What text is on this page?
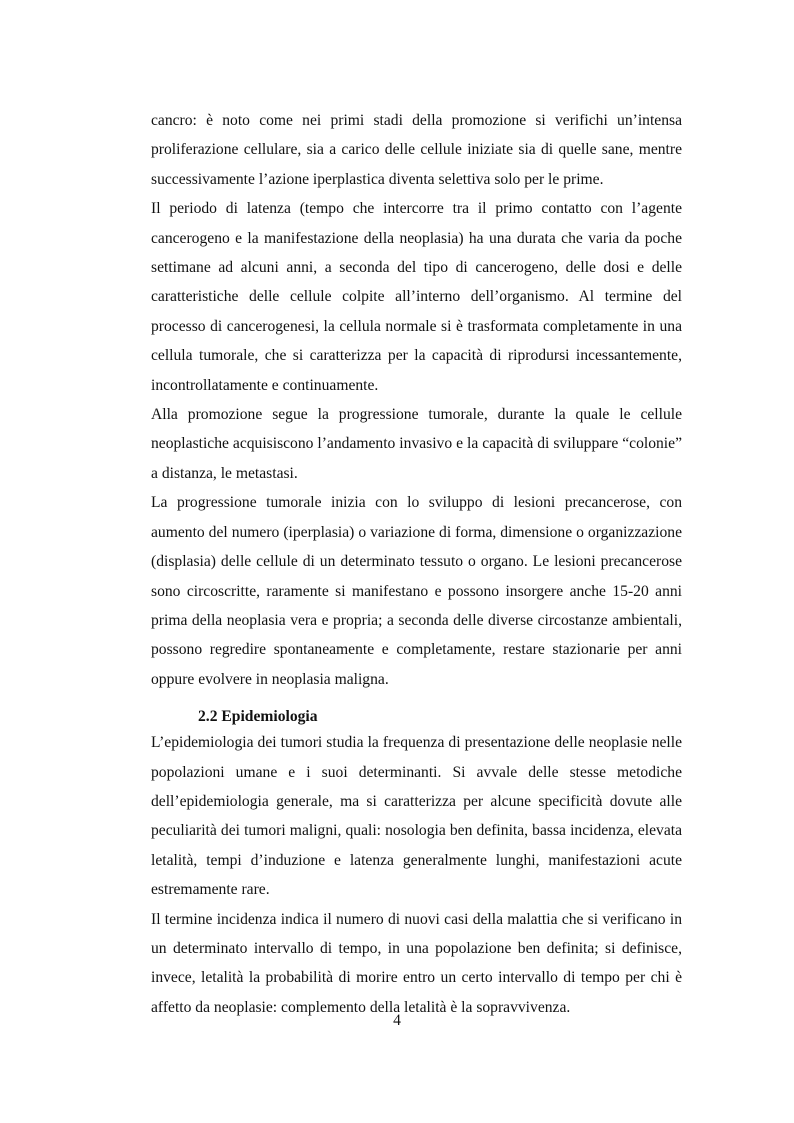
cancro: è noto come nei primi stadi della promozione si verifichi un’intensa proliferazione cellulare, sia a carico delle cellule iniziate sia di quelle sane, mentre successivamente l’azione iperplastica diventa selettiva solo per le prime.

Il periodo di latenza (tempo che intercorre tra il primo contatto con l’agente cancerogeno e la manifestazione della neoplasia) ha una durata che varia da poche settimane ad alcuni anni, a seconda del tipo di cancerogeno, delle dosi e delle caratteristiche delle cellule colpite all’interno dell’organismo. Al termine del processo di cancerogenesi, la cellula normale si è trasformata completamente in una cellula tumorale, che si caratterizza per la capacità di riprodursi incessantemente, incontrollatamente e continuamente.

Alla promozione segue la progressione tumorale, durante la quale le cellule neoplastiche acquisiscono l’andamento invasivo e la capacità di sviluppare “colonie” a distanza, le metastasi.

La progressione tumorale inizia con lo sviluppo di lesioni precancerose, con aumento del numero (iperplasia) o variazione di forma, dimensione o organizzazione (displasia) delle cellule di un determinato tessuto o organo. Le lesioni precancerose sono circoscritte, raramente si manifestano e possono insorgere anche 15-20 anni prima della neoplasia vera e propria; a seconda delle diverse circostanze ambientali, possono regredire spontaneamente e completamente, restare stazionarie per anni oppure evolvere in neoplasia maligna.

2.2 Epidemiologia

L’epidemiologia dei tumori studia la frequenza di presentazione delle neoplasie nelle popolazioni umane e i suoi determinanti. Si avvale delle stesse metodiche dell’epidemiologia generale, ma si caratterizza per alcune specificità dovute alle peculiarità dei tumori maligni, quali: nosologia ben definita, bassa incidenza, elevata letalità, tempi d’induzione e latenza generalmente lunghi, manifestazioni acute estremamente rare.

Il termine incidenza indica il numero di nuovi casi della malattia che si verificano in un determinato intervallo di tempo, in una popolazione ben definita; si definisce, invece, letalità la probabilità di morire entro un certo intervallo di tempo per chi è affetto da neoplasie: complemento della letalità è la sopravvivenza.

4
